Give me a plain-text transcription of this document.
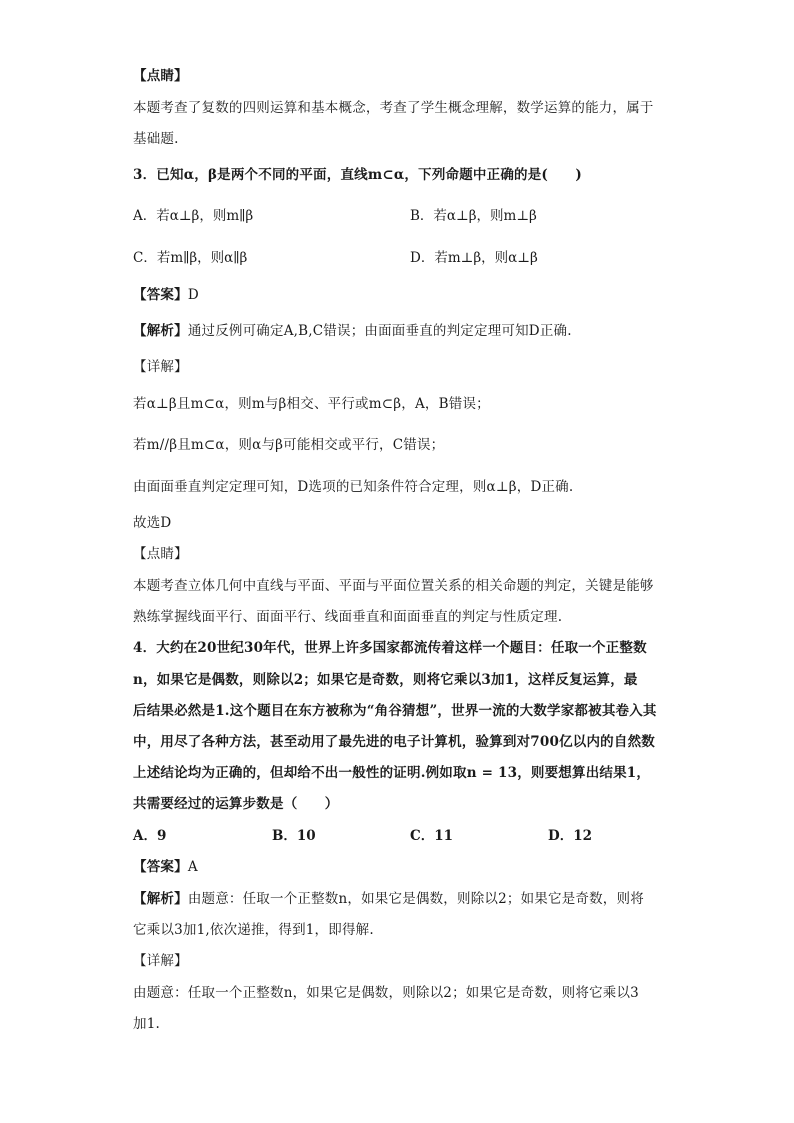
【点睛】
本题考查了复数的四则运算和基本概念，考查了学生概念理解，数学运算的能力，属于
基础题.
3．已知α，β是两个不同的平面，直线m⊂α，下列命题中正确的是(　　)
A．若α⊥β，则m∥β	B．若α⊥β，则m⊥β
C．若m∥β，则α∥β	D．若m⊥β，则α⊥β
【答案】D
【解析】通过反例可确定A,B,C错误；由面面垂直的判定定理可知D正确.
【详解】
若α⊥β且m⊂α，则m与β相交、平行或m⊂β，A，B错误；
若m//β且m⊂α，则α与β可能相交或平行，C错误；
由面面垂直判定定理可知，D选项的已知条件符合定理，则α⊥β，D正确.
故选D
【点睛】
本题考查立体几何中直线与平面、平面与平面位置关系的相关命题的判定，关键是能够
熟练掌握线面平行、面面平行、线面垂直和面面垂直的判定与性质定理.
4．大约在20世纪30年代，世界上许多国家都流传着这样一个题目：任取一个正整数
n，如果它是偶数，则除以2；如果它是奇数，则将它乘以3加1，这样反复运算，最
后结果必然是1.这个题目在东方被称为“角谷猜想”，世界一流的大数学家都被其卷入其
中，用尽了各种方法，甚至动用了最先进的电子计算机，验算到对700亿以内的自然数
上述结论均为正确的，但却给不出一般性的证明.例如取n = 13，则要想算出结果1，
共需要经过的运算步数是（　　）
A．9	B．10	C．11	D．12
【答案】A
【解析】由题意：任取一个正整数n，如果它是偶数，则除以2；如果它是奇数，则将
它乘以3加1,依次递推，得到1，即得解.
【详解】
由题意：任取一个正整数n，如果它是偶数，则除以2；如果它是奇数，则将它乘以3
加1.
